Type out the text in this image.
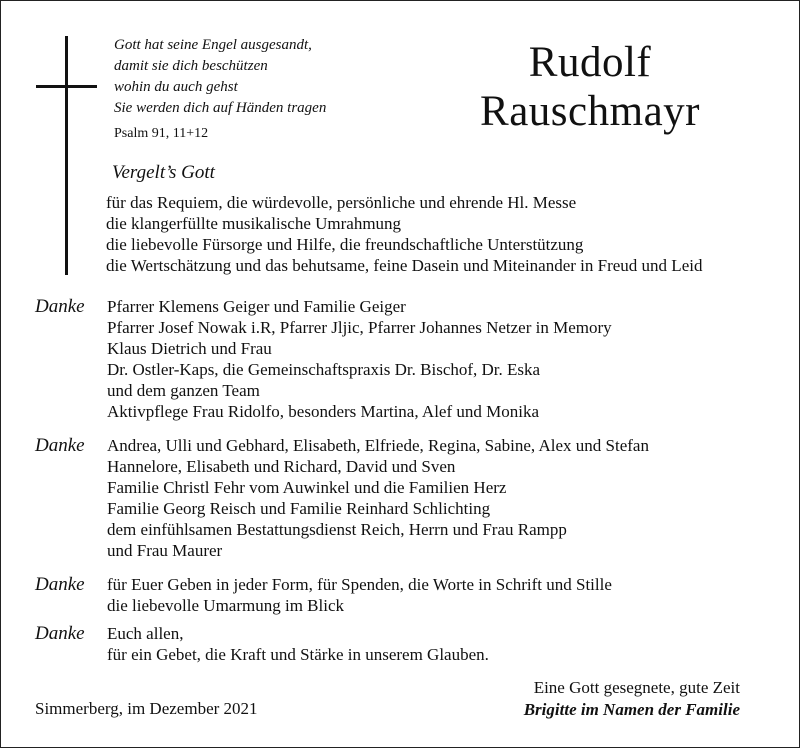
Gott hat seine Engel ausgesandt,
damit sie dich beschützen
wohin du auch gehst
Sie werden dich auf Händen tragen
Psalm 91, 11+12
Rudolf
Rauschmayr
Vergelt’s Gott
für das Requiem, die würdevolle, persönliche und ehrende Hl. Messe
die klangerfüllte musikalische Umrahmung
die liebevolle Fürsorge und Hilfe, die freundschaftliche Unterstützung
die Wertschätzung und das behutsame, feine Dasein und Miteinander in Freud und Leid
Danke	Pfarrer Klemens Geiger und Familie Geiger
Pfarrer Josef Nowak i.R, Pfarrer Jljic, Pfarrer Johannes Netzer in Memory
Klaus Dietrich und Frau
Dr. Ostler-Kaps, die Gemeinschaftspraxis Dr. Bischof, Dr. Eska
und dem ganzen Team
Aktivpflege Frau Ridolfo, besonders Martina, Alef und Monika
Danke	Andrea, Ulli und Gebhard, Elisabeth, Elfriede, Regina, Sabine, Alex und Stefan
Hannelore, Elisabeth und Richard, David und Sven
Familie Christl Fehr vom Auwinkel und die Familien Herz
Familie Georg Reisch und Familie Reinhard Schlichting
dem einfühlsamen Bestattungsdienst Reich, Herrn und Frau Rampp
und Frau Maurer
Danke	für Euer Geben in jeder Form, für Spenden, die Worte in Schrift und Stille
die liebevolle Umarmung im Blick
Danke	Euch allen,
für ein Gebet, die Kraft und Stärke in unserem Glauben.
Eine Gott gesegnete, gute Zeit
Brigitte im Namen der Familie
Simmerberg, im Dezember 2021
